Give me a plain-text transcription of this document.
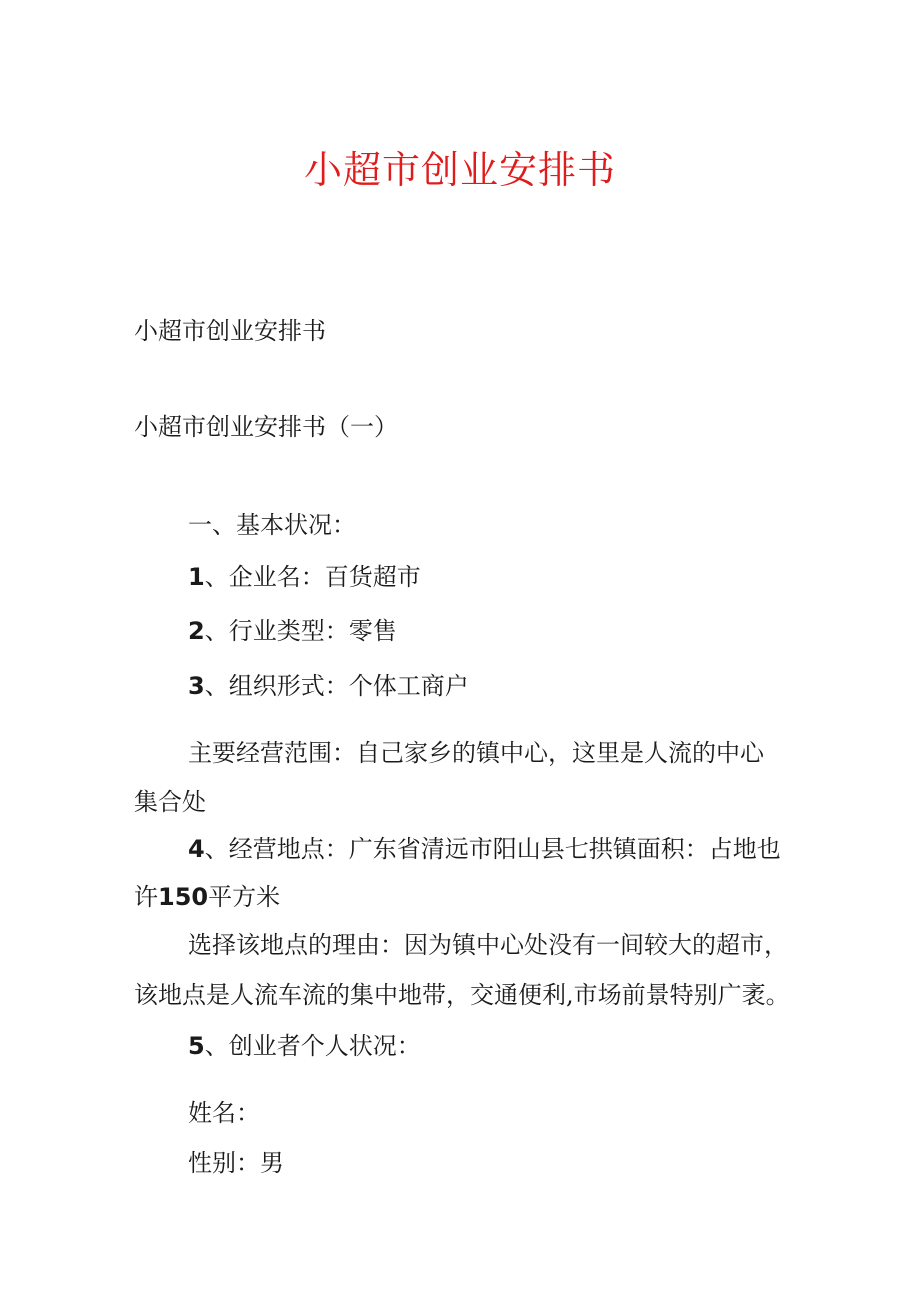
小超市创业安排书
小超市创业安排书
小超市创业安排书（一）
一、基本状况：
1、企业名：百货超市
2、行业类型：零售
3、组织形式：个体工商户
主要经营范围：自己家乡的镇中心，这里是人流的中心
集合处
4、经营地点：广东省清远市阳山县七拱镇面积：占地也
许150平方米
选择该地点的理由：因为镇中心处没有一间较大的超市，
该地点是人流车流的集中地带，交通便利,市场前景特别广袤。
5、创业者个人状况：
姓名：
性别：男
